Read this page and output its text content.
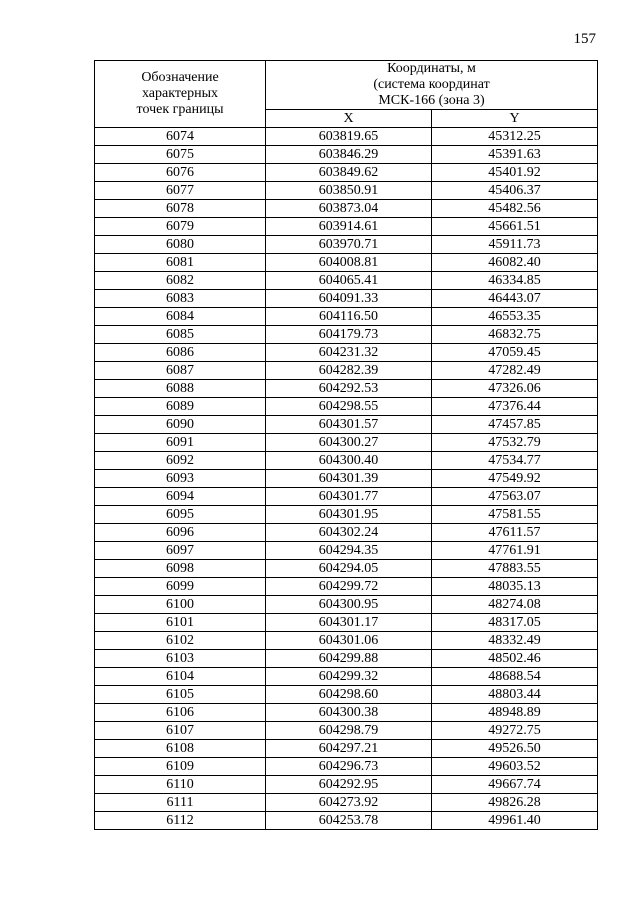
157
Обозначение
характерных
точек границы	Координаты, м
(система координат
МСК-166 (зона 3)	

	X	Y
6074	603819.65	45312.25
6075	603846.29	45391.63
6076	603849.62	45401.92
6077	603850.91	45406.37
6078	603873.04	45482.56
6079	603914.61	45661.51
6080	603970.71	45911.73
6081	604008.81	46082.40
6082	604065.41	46334.85
6083	604091.33	46443.07
6084	604116.50	46553.35
6085	604179.73	46832.75
6086	604231.32	47059.45
6087	604282.39	47282.49
6088	604292.53	47326.06
6089	604298.55	47376.44
6090	604301.57	47457.85
6091	604300.27	47532.79
6092	604300.40	47534.77
6093	604301.39	47549.92
6094	604301.77	47563.07
6095	604301.95	47581.55
6096	604302.24	47611.57
6097	604294.35	47761.91
6098	604294.05	47883.55
6099	604299.72	48035.13
6100	604300.95	48274.08
6101	604301.17	48317.05
6102	604301.06	48332.49
6103	604299.88	48502.46
6104	604299.32	48688.54
6105	604298.60	48803.44
6106	604300.38	48948.89
6107	604298.79	49272.75
6108	604297.21	49526.50
6109	604296.73	49603.52
6110	604292.95	49667.74
6111	604273.92	49826.28
6112	604253.78	49961.40
